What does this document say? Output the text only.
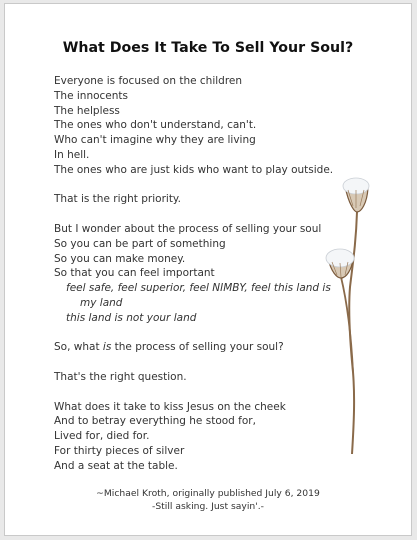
What Does It Take To Sell Your Soul?
Everyone is focused on the children
The innocents
The helpless
The ones who don't understand, can't.
Who can't imagine why they are living
In hell.
The ones who are just kids who want to play outside.
That is the right priority.
But I wonder about the process of selling your soul
So you can be part of something
So you can make money.
So that you can feel important
feel safe, feel superior, feel NIMBY, feel this land is
my land
this land is not your land
So, what is the process of selling your soul?
That's the right question.
What does it take to kiss Jesus on the cheek
And to betray everything he stood for,
Lived for, died for.
For thirty pieces of silver
And a seat at the table.
~Michael Kroth, originally published July 6, 2019
-Still asking. Just sayin'.-
